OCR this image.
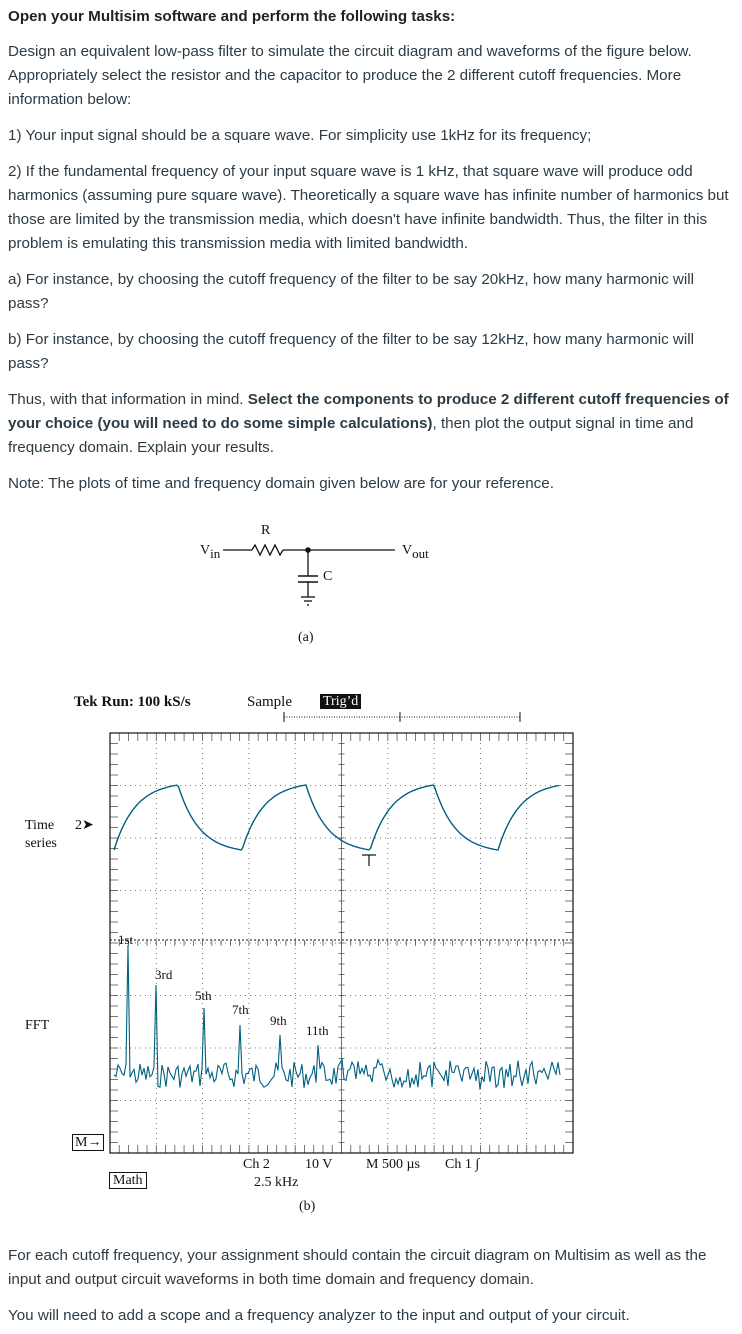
Open your Multisim software and perform the following tasks:

Design an equivalent low-pass filter to simulate the circuit diagram and waveforms of the figure below. Appropriately select the resistor and the capacitor to produce the 2 different cutoff frequencies. More information below:

1) Your input signal should be a square wave. For simplicity use 1kHz for its frequency;

2) If the fundamental frequency of your input square wave is 1 kHz, that square wave will produce odd harmonics (assuming pure square wave). Theoretically a square wave has infinite number of harmonics but those are limited by the transmission media, which doesn't have infinite bandwidth. Thus, the filter in this problem is emulating this transmission media with limited bandwidth.

a) For instance, by choosing the cutoff frequency of the filter to be say 20kHz, how many harmonic will pass?

b) For instance, by choosing the cutoff frequency of the filter to be say 12kHz, how many harmonic will pass?

Thus, with that information in mind. Select the components to produce 2 different cutoff frequencies of your choice (you will need to do some simple calculations), then plot the output signal in time and frequency domain. Explain your results.

Note: The plots of time and frequency domain given below are for your reference.

$V_{in}$
R
C
$V_{out}$
(a)
Tek Run: 100 kS/s	Sample Trig’d
Time
series
2➤
FFT
M→
Math
1st
3rd
5th
7th
9th
11th
Ch 2	10 V M 500 µs Ch 1 ∫
2.5 kHz
(b)

For each cutoff frequency, your assignment should contain the circuit diagram on Multisim as well as the input and output circuit waveforms in both time domain and frequency domain.

You will need to add a scope and a frequency analyzer to the input and output of your circuit.
